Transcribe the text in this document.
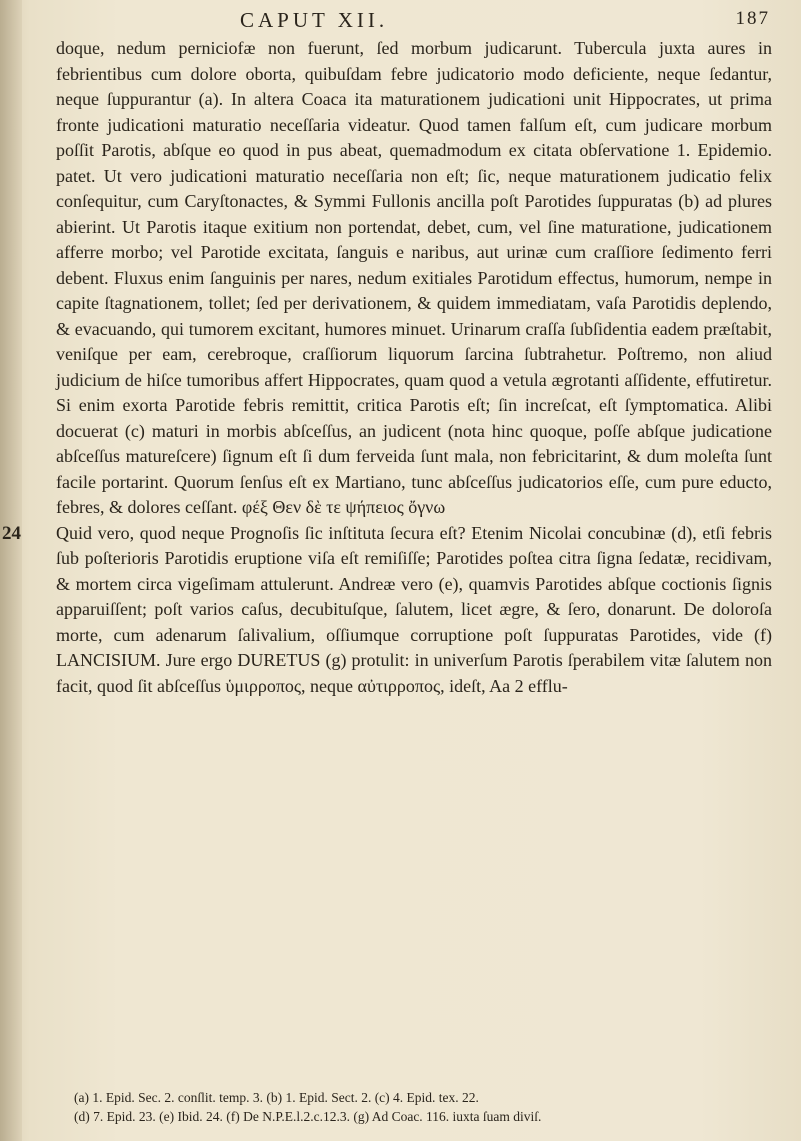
CAPUT XII.	187

doque, nedum perniciofæ non fuerunt, ſed morbum judicarunt. Tubercula juxta aures in febrientibus cum dolore oborta, quibuſdam febre judicatorio modo deficiente, neque ſedantur, neque ſuppurantur (a). In altera Coaca ita maturationem judicationi unit Hippocrates, ut prima fronte judicationi maturatio neceſſaria videatur. Quod tamen falſum eſt, cum judicare morbum poſſit Parotis, abſque eo quod in pus abeat, quemadmodum ex citata obſervatione 1. Epidemio. patet. Ut vero judicationi maturatio neceſſaria non eſt; ſic, neque maturationem judicatio felix conſequitur, cum Caryſtonactes, & Symmi Fullonis ancilla poſt Parotides ſuppuratas (b) ad plures abierint. Ut Parotis itaque exitium non portendat, debet, cum, vel ſine maturatione, judicationem afferre morbo; vel Parotide excitata, ſanguis e naribus, aut urinæ cum craſſiore ſedimento ferri debent. Fluxus enim ſanguinis per nares, nedum exitiales Parotidum effectus, humorum, nempe in capite ſtagnationem, tollet; ſed per derivationem, & quidem immediatam, vaſa Parotidis deplendo, & evacuando, qui tumorem excitant, humores minuet. Urinarum craſſa ſubſidentia eadem præſtabit, veniſque per eam, cerebroque, craſſiorum liquorum ſarcina ſubtrahetur. Poſtremo, non aliud judicium de hiſce tumoribus affert Hippocrates, quam quod a vetula ægrotanti aſſidente, effutiretur. Si enim exorta Parotide febris remittit, critica Parotis eſt; ſin increſcat, eſt ſymptomatica. Alibi docuerat (c) maturi in morbis abſceſſus, an judicent (nota hinc quoque, poſſe abſque judicatione abſceſſus matureſcere) ſignum eſt ſi dum ferveida ſunt mala, non febricitarint, & dum moleſta ſunt facile portarint. Quorum ſenſus eſt ex Martiano, tunc abſceſſus judicatorios eſſe, cum pure educto, febres, & dolores ceſſant. φέξ Θεν δὲ τε ψήπειος ὄγνω

24 Quid vero, quod neque Prognoſis ſic inſtituta ſecura eſt? Etenim Nicolai concubinæ (d), etſi febris ſub poſterioris Parotidis eruptione viſa eſt remiſiſſe; Parotides poſtea citra ſigna ſedatæ, recidivam, & mortem circa vigeſimam attulerunt. Andreæ vero (e), quamvis Parotides abſque coctionis ſignis apparuiſſent; poſt varios caſus, decubituſque, ſalutem, licet ægre, & ſero, donarunt. De doloroſa morte, cum adenarum ſalivalium, oſſiumque corruptione poſt ſuppuratas Parotides, vide (f) LANCISIUM. Jure ergo DURETUS (g) protulit: in univerſum Parotis ſperabilem vitæ ſalutem non facit, quod ſit abſceſſus ὑμιρροπος, neque αὐτιρροπος, ideſt, Aa 2 efflu-

(a) 1. Epid. Sec. 2. conſlit. temp. 3. (b) 1. Epid. Sect. 2. (c) 4. Epid. tex. 22.

(d) 7. Epid. 23. (e) Ibid. 24. (f) De N.P.E.l.2.c.12.3. (g) Ad Coac. 116. iuxta ſuam diviſ.
